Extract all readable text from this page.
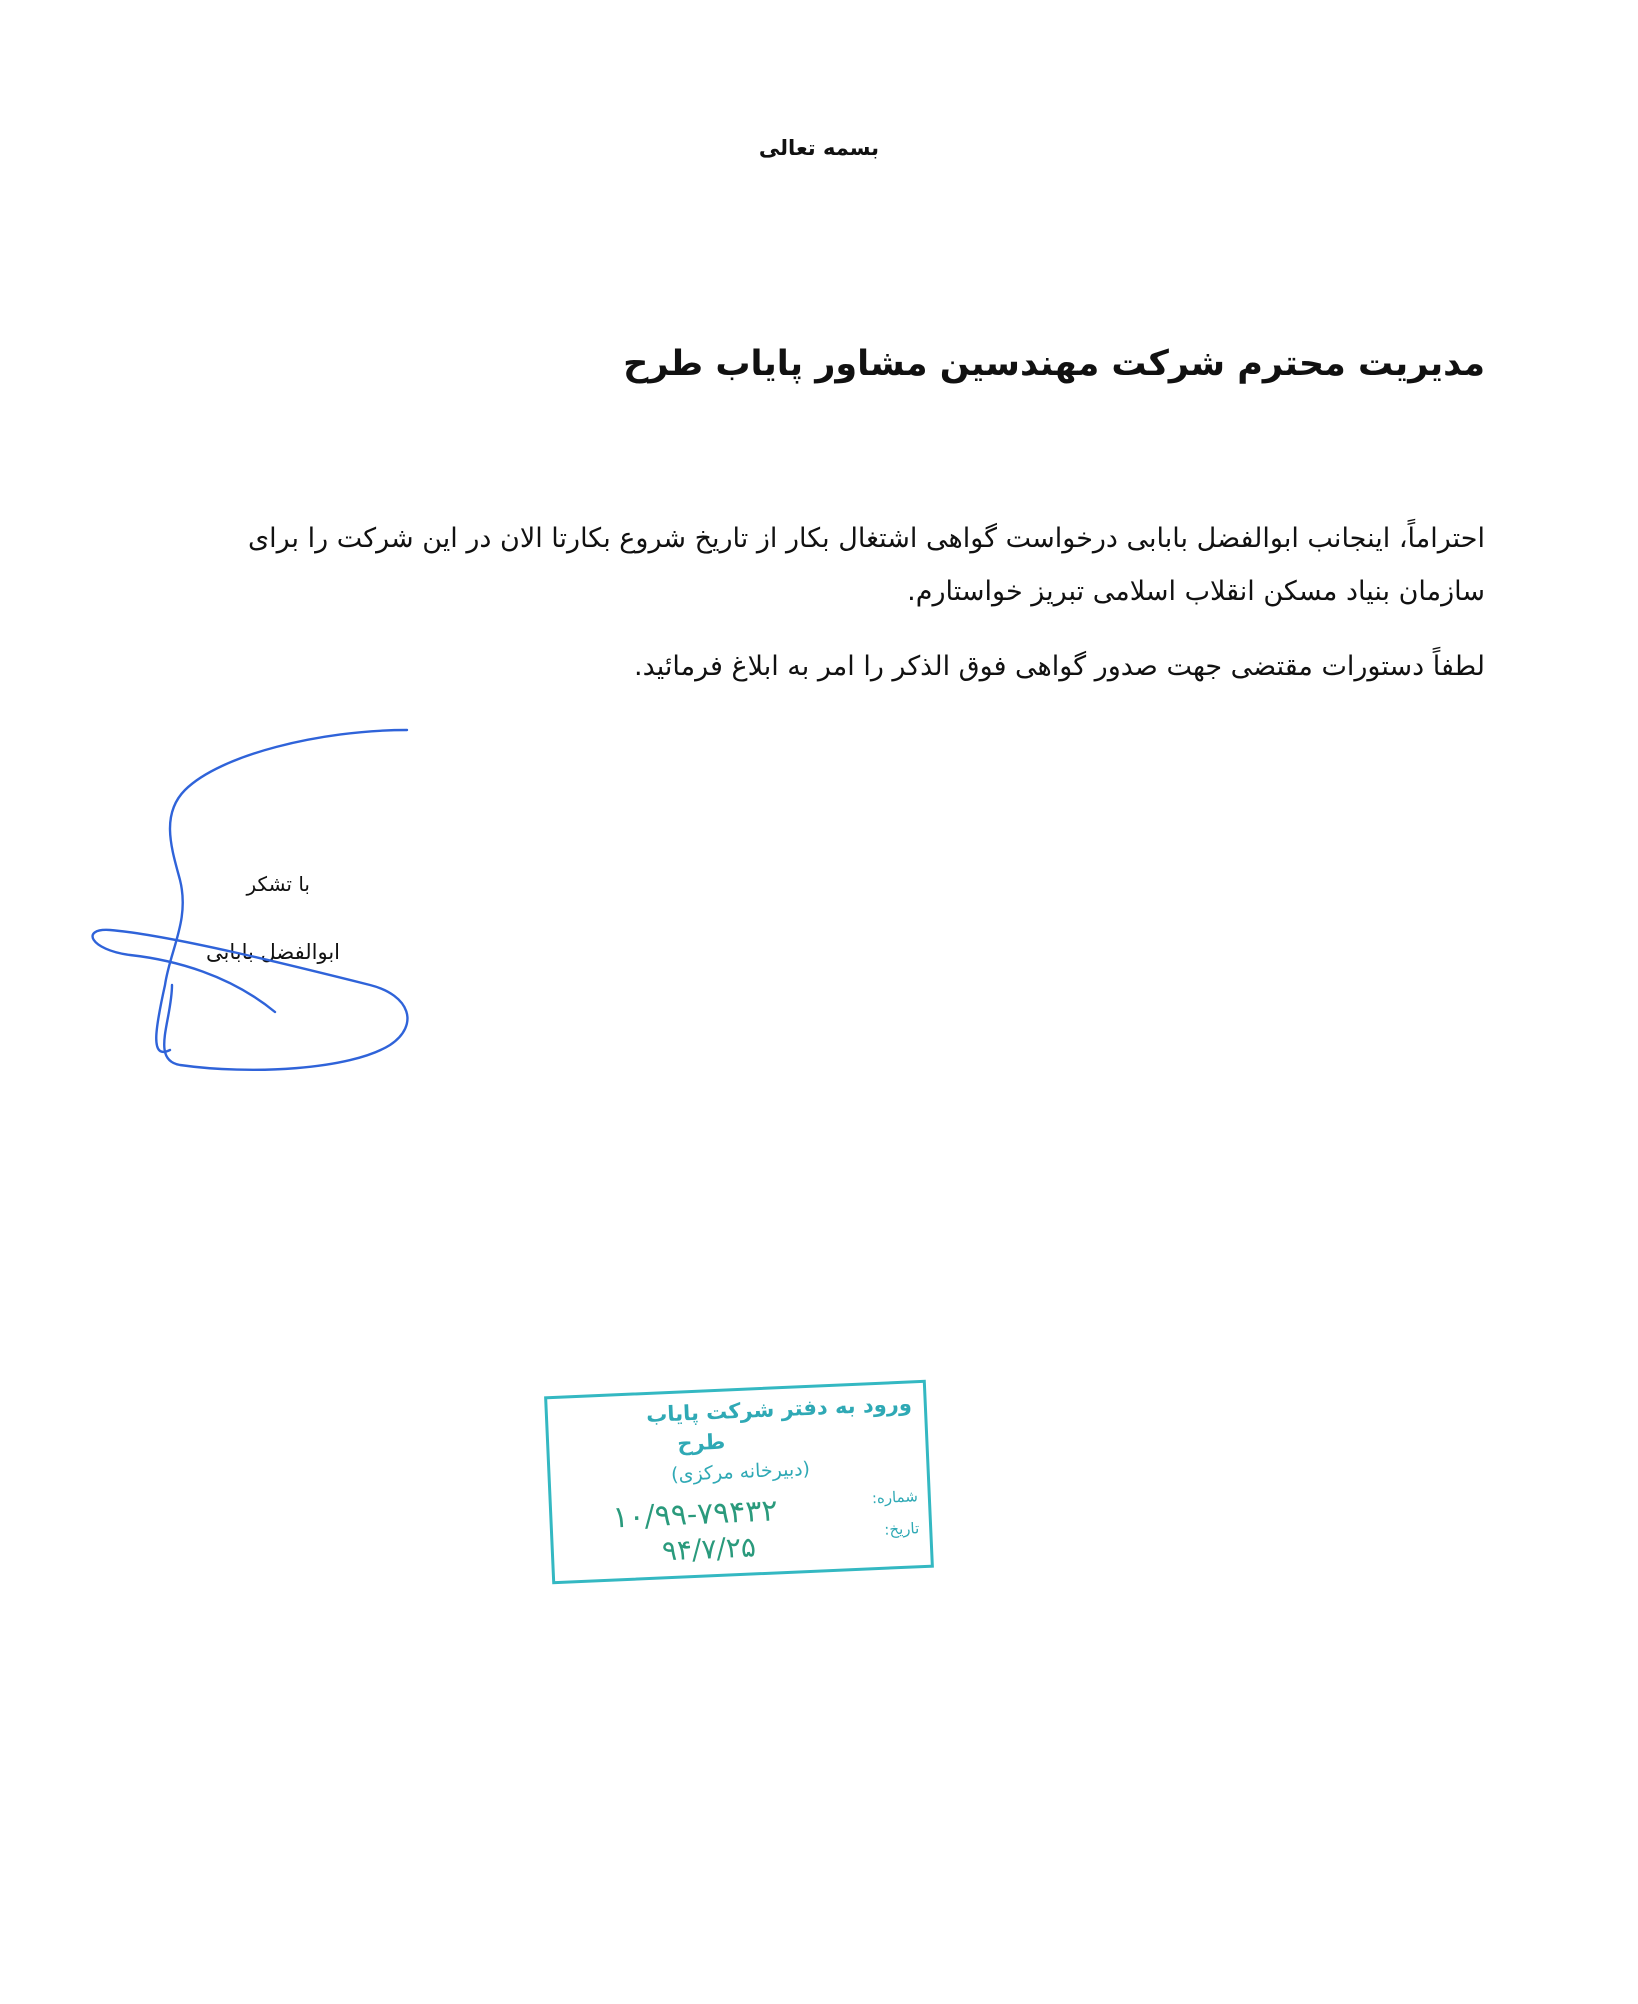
بسمه تعالی
مدیریت محترم شرکت مهندسین مشاور پایاب طرح
احتراماً، اینجانب ابوالفضل بابابی درخواست گواهی اشتغال بکار از تاریخ شروع بکارتا الان در این شرکت را برای سازمان بنیاد مسکن انقلاب اسلامی تبریز خواستارم.
لطفاً دستورات مقتضی جهت صدور گواهی فوق الذکر را امر به ابلاغ فرمائید.
با تشکر
ابوالفضل بابابی
ورود به دفتر شرکت پایاب
طرح
(دبیرخانه مرکزی)
شماره:
۱۰/۹۹-۷۹۴۳۲	تاریخ:
۹۴/۷/۲۵
